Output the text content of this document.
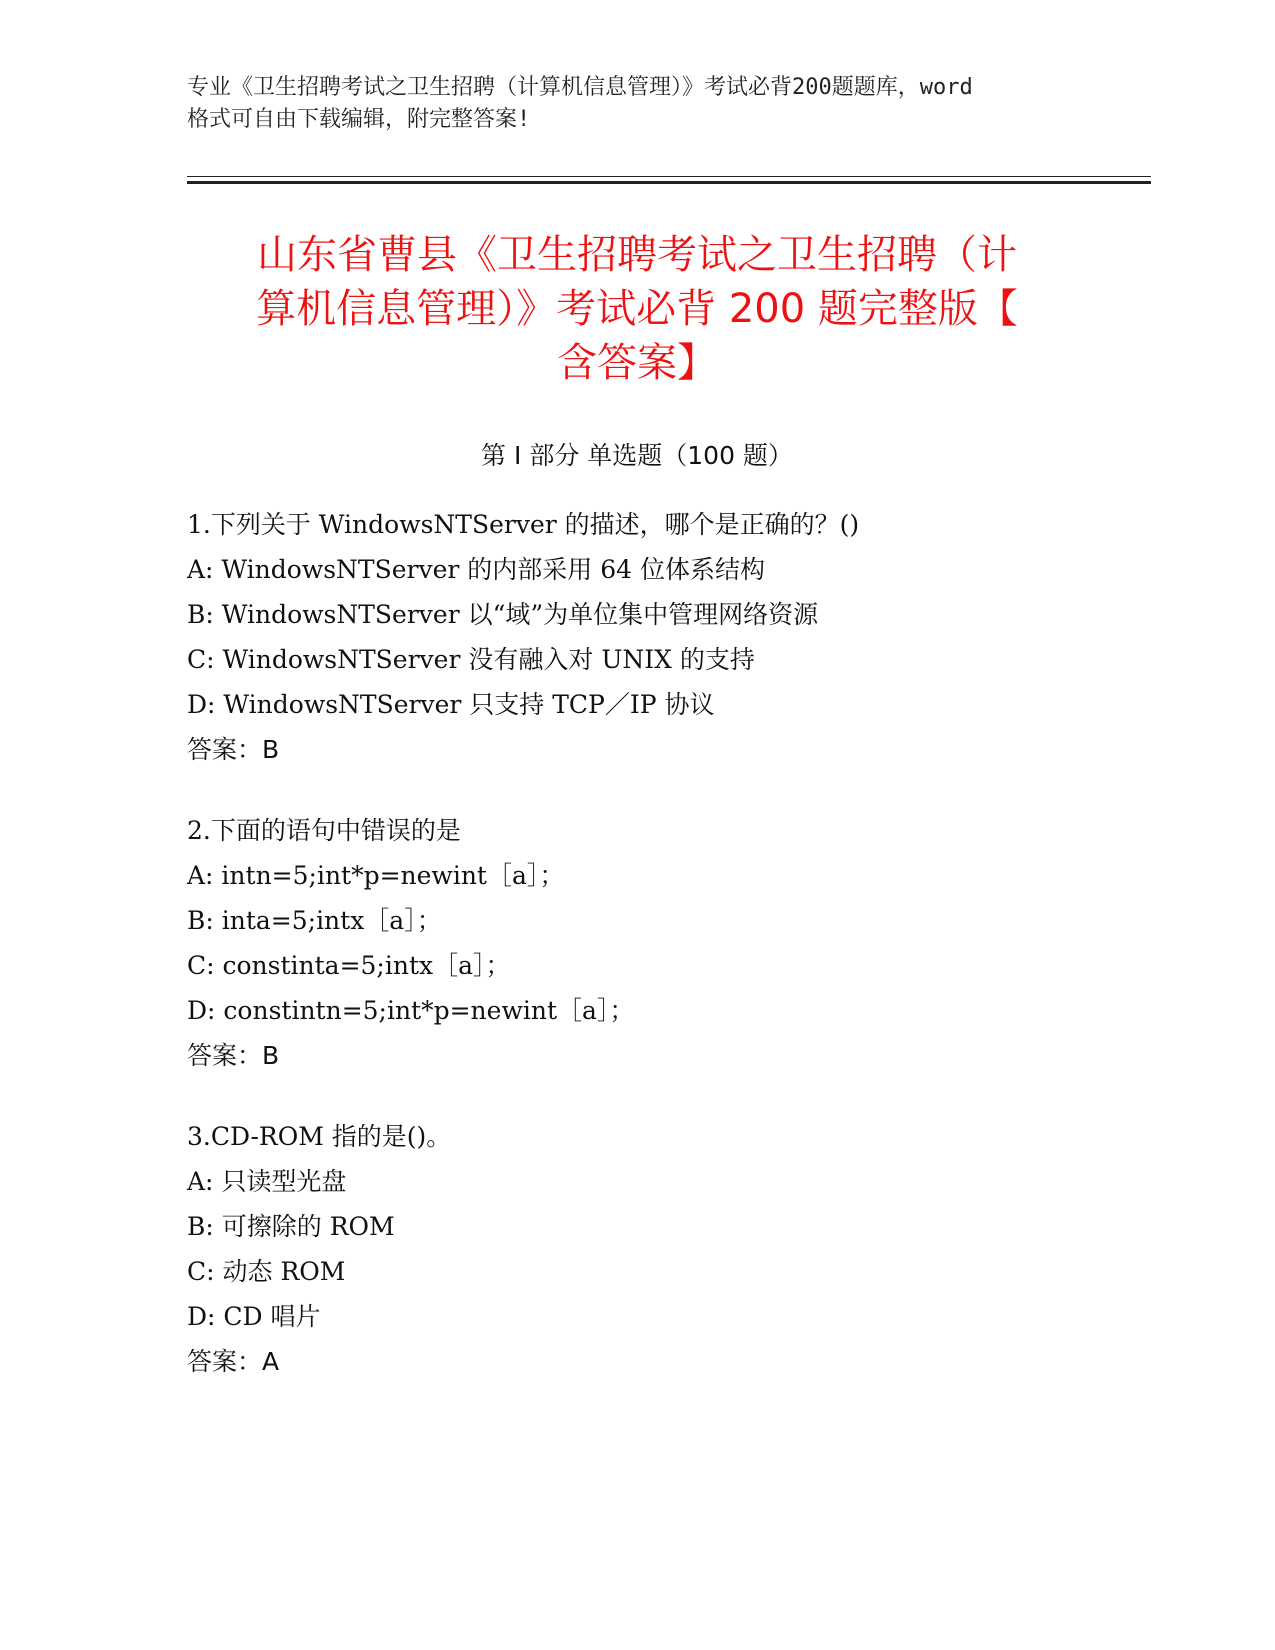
专业《卫生招聘考试之卫生招聘（计算机信息管理）》考试必背200题题库，word
格式可自由下载编辑，附完整答案!
山东省曹县《卫生招聘考试之卫生招聘（计
算机信息管理）》考试必背 200 题完整版【
含答案】
第 I 部分 单选题（100 题）
1.下列关于 WindowsNTServer 的描述，哪个是正确的？()
A: WindowsNTServer 的内部采用 64 位体系结构
B: WindowsNTServer 以“域”为单位集中管理网络资源
C: WindowsNTServer 没有融入对 UNIX 的支持
D: WindowsNTServer 只支持 TCP／IP 协议
答案：B
2.下面的语句中错误的是
A: intn=5;int*p=newint［a］；
B: inta=5;intx［a］；
C: constinta=5;intx［a］；
D: constintn=5;int*p=newint［a］；
答案：B
3.CD-ROM 指的是()。
A: 只读型光盘
B: 可擦除的 ROM
C: 动态 ROM
D: CD 唱片
答案：A
